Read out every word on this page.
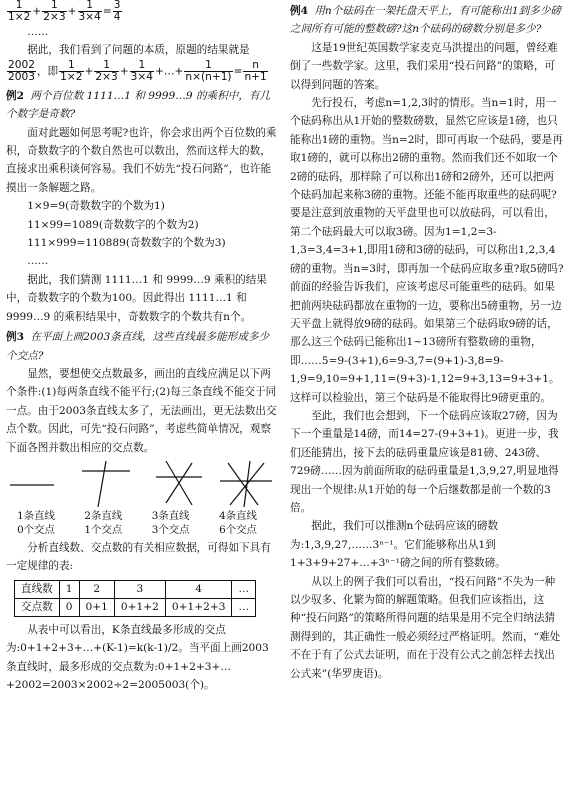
$\frac{1}{1\times 2} + \frac{1}{2\times 3} + \frac{1}{3\times 4} = \frac{3}{4}$

……

据此，我们看到了问题的本质，原题的结果就是

$\frac{2002}{2003}$ ，即 $\frac{1}{1\times 2} + \frac{1}{2\times 3} + \frac{1}{3\times 4}$ +…+ $\frac{1}{n\times(n+1)} = \frac{n}{n+1}$

例2 两个百位数 1111…1 和 9999…9 的乘积中，有几个数字是奇数?

面对此题如何思考呢?也许，你会求出两个百位数的乘积，奇数数字的个数自然也可以数出，然而这样大的数，直接求出乘积谈何容易。我们不妨先“投石问路”，也许能摸出一条解题之路。

1×9=9(奇数数字的个数为1)

11×99=1089(奇数数字的个数为2)

111×999=110889(奇数数字的个数为3)

……

据此，我们猜测 1111…1 和 9999…9 乘积的结果中，奇数数字的个数为100。因此得出 1111…1 和 9999…9 的乘积结果中，奇数数字的个数共有n个。

例3 在平面上画2003条直线，这些直线最多能形成多少个交点?

显然，要想使交点数最多，画出的直线应满足以下两个条件:(1)每两条直线不能平行;(2)每三条直线不能交于同一点。由于2003条直线太多了，无法画出，更无法数出交点个数。因此，可先“投石问路”，考虑些简单情况，观察下面各图并数出相应的交点数。

1条直线
0个交点
2条直线
1个交点
3条直线
3个交点
4条直线
6个交点

分析直线数、交点数的有关相应数据，可得如下具有一定规律的表:

直线数	1	2	3	4	…
交点数	0	0+1	0+1+2	0+1+2+3	…

从表中可以看出，K条直线最多形成的交点为:0+1+2+3+…+(K-1)=k(k-1)/2。当平面上画2003条直线时，最多形成的交点数为:0+1+2+3+…+2002=2003×2002÷2=2005003(个)。

例4 用n个砝码在一架托盘天平上，有可能称出1到多少磅之间所有可能的整数磅?这n个砝码的磅数分别是多少?

这是19世纪英国数学家麦克马洪提出的问题，曾经难倒了一些数学家。这里，我们采用“投石问路”的策略，可以得到问题的答案。

先行投石，考虑n=1,2,3时的情形。当n=1时，用一个砝码称出从1开始的整数磅数，显然它应该是1磅，也只能称出1磅的重物。当n=2时，即可再取一个砝码，要是再取1磅的，就可以称出2磅的重物。然而我们还不如取一个2磅的砝码，那样除了可以称出1磅和2磅外，还可以把两个砝码加起来称3磅的重物。还能不能再取重些的砝码呢? 要是注意到放重物的天平盘里也可以放砝码，可以看出，第二个砝码最大可以取3磅。因为1=1,2=3-1,3=3,4=3+1,即用1磅和3磅的砝码，可以称出1,2,3,4磅的重物。当n=3时，即再加一个砝码应取多重?取5磅吗?前面的经验告诉我们，应该考虑尽可能重些的砝码。如果把前两块砝码都放在重物的一边，要称出5磅重物，另一边天平盘上就得放9磅的砝码。如果第三个砝码取9磅的话，那么这三个砝码已能称出1~13磅所有整数磅的重物，即……5=9-(3+1),6=9-3,7=(9+1)-3,8=9-1,9=9,10=9+1,11=(9+3)-1,12=9+3,13=9+3+1。这样可以检验出，第三个砝码是不能取得比9磅更重的。

至此，我们也会想到，下一个砝码应该取27磅，因为下一个重量是14磅，而14=27-(9+3+1)。更进一步，我们还能猜出，接下去的砝码重量应该是81磅、243磅、729磅……因为前面所取的砝码重量是1,3,9,27,明显地得现出一个规律:从1开始的每一个后继数都是前一个数的3倍。

据此，我们可以推测n个砝码应该的磅数为:1,3,9,27,……3ⁿ⁻¹。它们能够称出从1到1+3+9+27+…+3ⁿ⁻¹磅之间的所有整数磅。

从以上的例子我们可以看出，“投石问路”不失为一种以少驭多、化繁为简的解题策略。但我们应该指出，这种“投石问路”的策略所得问题的结果是用不完全归纳法猜测得到的，其正确性一般必须经过严格证明。然而，“难处不在于有了公式去证明，而在于没有公式之前怎样去找出公式来”(华罗庚语)。
